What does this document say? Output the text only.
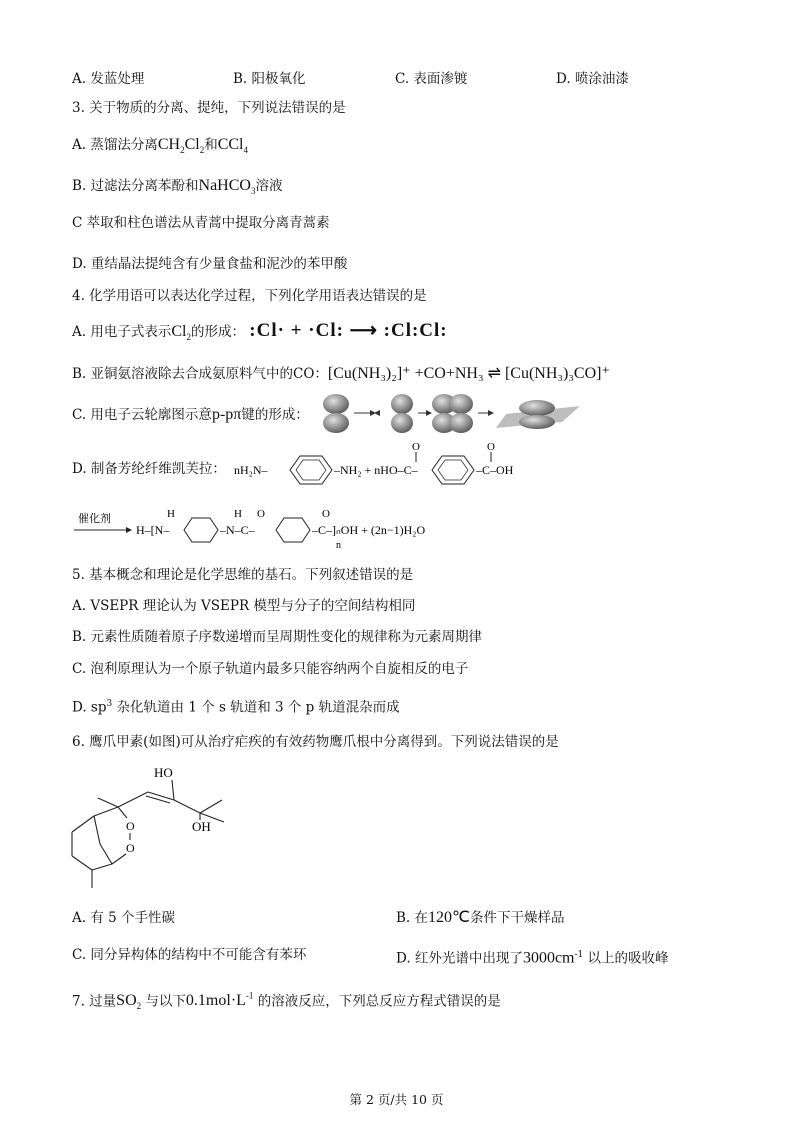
A. 发蓝处理	B. 阳极氧化	C. 表面渗镀	D. 喷涂油漆
3. 关于物质的分离、提纯，下列说法错误的是
A. 蒸馏法分离$CH_2Cl_2$和CCl$_4$
B. 过滤法分离苯酚和NaHCO$_3$溶液
C 萃取和柱色谱法从青蒿中提取分离青蒿素
D. 重结晶法提纯含有少量食盐和泥沙的苯甲酸
4. 化学用语可以表达化学过程，下列化学用语表达错误的是
A. 用电子式表示$Cl_2$的形成： :Cl· + ·Cl: ⟶ :Cl:Cl:
B. 亚铜氨溶液除去合成氨原料气中的CO：[Cu(NH₃)₂]⁺ +CO+NH₃ ⇌ [Cu(NH₃)₃CO]⁺
C. 用电子云轮廓图示意p-pπ键的形成：
D. 制备芳纶纤维凯芙拉： nH₂N–	–NH₂ + nHO–C–
O
–C–OH
O
催化剂
H–[N–
H
–N–C–
H O
–C–]ₙOH + (2n−1)H₂O
O
n
5. 基本概念和理论是化学思维的基石。下列叙述错误的是
A. VSEPR 理论认为 VSEPR 模型与分子的空间结构相同
B. 元素性质随着原子序数递增而呈周期性变化的规律称为元素周期律
C. 泡利原理认为一个原子轨道内最多只能容纳两个自旋相反的电子
D. $sp^3$ 杂化轨道由 1 个 s 轨道和 3 个 p 轨道混杂而成
6. 鹰爪甲素(如图)可从治疗疟疾的有效药物鹰爪根中分离得到。下列说法错误的是
HO
OH
O
O
A. 有 5 个手性碳	B. 在120℃条件下干燥样品
C. 同分异构体的结构中不可能含有苯环	D. 红外光谱中出现了$3000cm^{-1}$ 以上的吸收峰
7. 过量$SO_2$ 与以下$0.1mol\cdot L^{-1}$ 的溶液反应，下列总反应方程式错误的是
第 2 页/共 10 页
